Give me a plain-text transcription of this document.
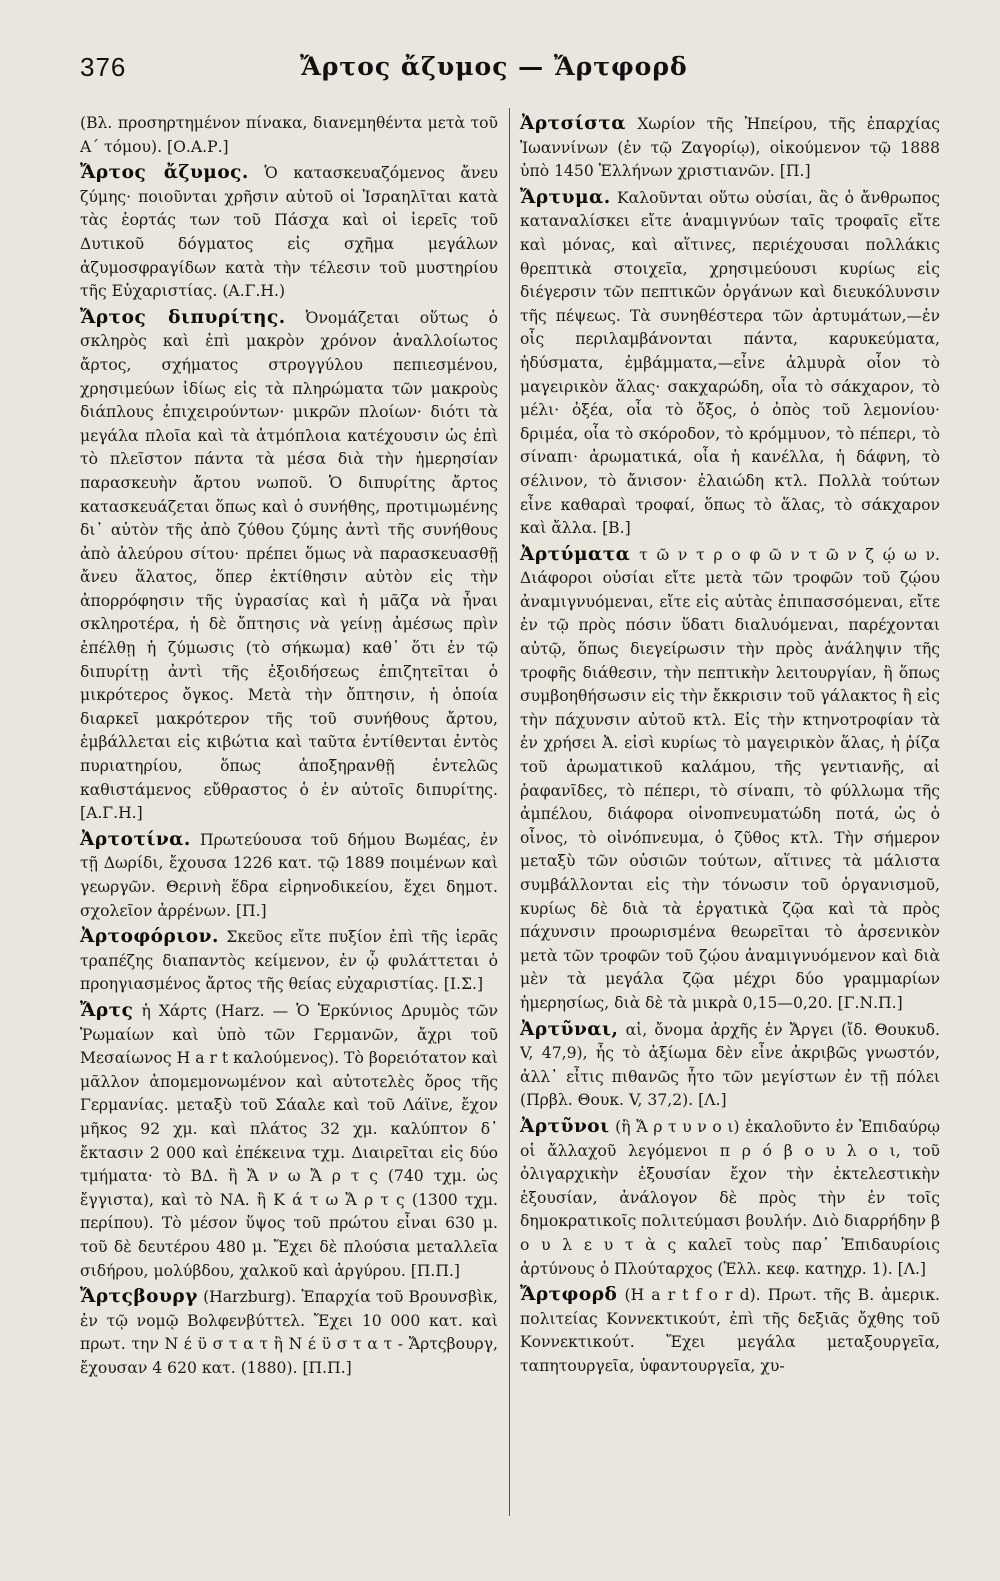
376	Ἄρτος ἄζυμος — Ἄρτφορδ

(Βλ. προσηρτημένον πίνακα, διανεμηθέντα μετὰ τοῦ Α΄ τόμου). [Ο.Α.Ρ.]

Ἄρτος ἄζυμος. Ὁ κατασκευαζόμενος ἄνευ ζύμης· ποιοῦνται χρῆσιν αὐτοῦ οἱ Ἰσραηλῖται κατὰ τὰς ἑορτάς των τοῦ Πάσχα καὶ οἱ ἱερεῖς τοῦ Δυτικοῦ δόγματος εἰς σχῆμα μεγάλων ἀζυμοσφραγίδων κατὰ τὴν τέλεσιν τοῦ μυστηρίου τῆς Εὐχαριστίας. (Α.Γ.Η.)

Ἄρτος διπυρίτης. Ὀνομάζεται οὕτως ὁ σκληρὸς καὶ ἐπὶ μακρὸν χρόνον ἀναλλοίωτος ἄρτος, σχήματος στρογγύλου πεπιεσμένου, χρησιμεύων ἰδίως εἰς τὰ πληρώματα τῶν μακροὺς διάπλους ἐπιχειρούντων· μικρῶν πλοίων· διότι τὰ μεγάλα πλοῖα καὶ τὰ ἀτμόπλοια κατέχουσιν ὡς ἐπὶ τὸ πλεῖστον πάντα τὰ μέσα διὰ τὴν ἡμερησίαν παρασκευὴν ἄρτου νωποῦ. Ὁ διπυρίτης ἄρτος κατασκευάζεται ὅπως καὶ ὁ συνήθης, προτιμωμένης δι᾽ αὐτὸν τῆς ἀπὸ ζύθου ζύμης ἀντὶ τῆς συνήθους ἀπὸ ἀλεύρου σίτου· πρέπει ὅμως νὰ παρασκευασθῇ ἄνευ ἅλατος, ὅπερ ἐκτίθησιν αὐτὸν εἰς τὴν ἀπορρόφησιν τῆς ὑγρασίας καὶ ἡ μᾶζα νὰ ἦναι σκληροτέρα, ἡ δὲ ὄπτησις νὰ γείνῃ ἀμέσως πρὶν ἐπέλθῃ ἡ ζύμωσις (τὸ σήκωμα) καθ᾽ ὅτι ἐν τῷ διπυρίτῃ ἀντὶ τῆς ἐξοιδήσεως ἐπιζητεῖται ὁ μικρότερος ὄγκος. Μετὰ τὴν ὄπτησιν, ἡ ὁποία διαρκεῖ μακρότερον τῆς τοῦ συνήθους ἄρτου, ἐμβάλλεται εἰς κιβώτια καὶ ταῦτα ἐντίθενται ἐντὸς πυριατηρίου, ὅπως ἀποξηρανθῇ ἐντελῶς καθιστάμενος εὔθραστος ὁ ἐν αὐτοῖς διπυρίτης. [Α.Γ.Η.]

Ἀρτοτίνα. Πρωτεύουσα τοῦ δήμου Βωμέας, ἐν τῇ Δωρίδι, ἔχουσα 1226 κατ. τῷ 1889 ποιμένων καὶ γεωργῶν. Θερινὴ ἕδρα εἰρηνοδικείου, ἔχει δημοτ. σχολεῖον ἀρρένων. [Π.]

Ἀρτοφόριον. Σκεῦος εἴτε πυξίον ἐπὶ τῆς ἱερᾶς τραπέζης διαπαντὸς κείμενον, ἐν ᾧ φυλάττεται ὁ προηγιασμένος ἄρτος τῆς θείας εὐχαριστίας. [Ι.Σ.]

Ἄρτς ἡ Χάρτς (Harz. — Ὁ Ἑρκύνιος Δρυμὸς τῶν Ῥωμαίων καὶ ὑπὸ τῶν Γερμανῶν, ἄχρι τοῦ Μεσαίωνος H a r t καλούμενος). Τὸ βορειότατον καὶ μᾶλλον ἀπομεμονωμένον καὶ αὐτοτελὲς ὄρος τῆς Γερμανίας. μεταξὺ τοῦ Σάαλε καὶ τοῦ Λάϊνε, ἔχον μῆκος 92 χμ. καὶ πλάτος 32 χμ. καλύπτον δ᾽ ἔκτασιν 2 000 καὶ ἐπέκεινα τχμ. Διαιρεῖται εἰς δύο τμήματα· τὸ ΒΔ. ἢ Ἄ ν ω Ἄ ρ τ ς (740 τχμ. ὡς ἔγγιστα), καὶ τὸ ΝΑ. ἢ Κ ά τ ω Ἄ ρ τ ς (1300 τχμ. περίπου). Τὸ μέσον ὕψος τοῦ πρώτου εἶναι 630 μ. τοῦ δὲ δευτέρου 480 μ. Ἔχει δὲ πλούσια μεταλλεῖα σιδήρου, μολύβδου, χαλκοῦ καὶ ἀργύρου. [Π.Π.]

Ἄρτςβουργ (Harzburg). Ἐπαρχία τοῦ Βρουνσβὶκ, ἐν τῷ νομῷ Βολφενβύττελ. Ἔχει 10 000 κατ. καὶ πρωτ. την Ν έ ϋ σ τ α τ ἢ Ν έ ϋ σ τ α τ - Ἄρτςβουργ, ἔχουσαν 4 620 κατ. (1880). [Π.Π.]

Ἀρτσίστα Χωρίον τῆς Ἠπείρου, τῆς ἐπαρχίας Ἰωαννίνων (ἐν τῷ Ζαγορίῳ), οἰκούμενον τῷ 1888 ὑπὸ 1450 Ἑλλήνων χριστιανῶν. [Π.]

Ἄρτυμα. Καλοῦνται οὕτω οὐσίαι, ἃς ὁ ἄνθρωπος καταναλίσκει εἴτε ἀναμιγνύων ταῖς τροφαῖς εἴτε καὶ μόνας, καὶ αἵτινες, περιέχουσαι πολλάκις θρεπτικὰ στοιχεῖα, χρησιμεύουσι κυρίως εἰς διέγερσιν τῶν πεπτικῶν ὀργάνων καὶ διευκόλυνσιν τῆς πέψεως. Τὰ συνηθέστερα τῶν ἀρτυμάτων,—ἐν οἷς περιλαμβάνονται πάντα, καρυκεύματα, ἡδύσματα, ἐμβάμματα,—εἶνε ἁλμυρὰ οἷον τὸ μαγειρικὸν ἅλας· σακχαρώδη, οἷα τὸ σάκχαρον, τὸ μέλι· ὀξέα, οἷα τὸ ὄξος, ὁ ὀπὸς τοῦ λεμονίου· δριμέα, οἷα τὸ σκόροδον, τὸ κρόμμυον, τὸ πέπερι, τὸ σίναπι· ἀρωματικά, οἷα ἡ κανέλλα, ἡ δάφνη, τὸ σέλινον, τὸ ἄνισον· ἐλαιώδη κτλ. Πολλὰ τούτων εἶνε καθαραὶ τροφαί, ὅπως τὸ ἅλας, τὸ σάκχαρον καὶ ἄλλα. [Β.]

Ἀρτύματα τ ῶ ν τ ρ ο φ ῶ ν τ ῶ ν ζ ῴ ω ν. Διάφοροι οὐσίαι εἴτε μετὰ τῶν τροφῶν τοῦ ζῴου ἀναμιγνυόμεναι, εἴτε εἰς αὐτὰς ἐπιπασσόμεναι, εἴτε ἐν τῷ πρὸς πόσιν ὕδατι διαλυόμεναι, παρέχονται αὐτῷ, ὅπως διεγείρωσιν τὴν πρὸς ἀνάληψιν τῆς τροφῆς διάθεσιν, τὴν πεπτικὴν λειτουργίαν, ἢ ὅπως συμβοηθήσωσιν εἰς τὴν ἔκκρισιν τοῦ γάλακτος ἢ εἰς τὴν πάχυνσιν αὐτοῦ κτλ. Εἰς τὴν κτηνοτροφίαν τὰ ἐν χρήσει Ἀ. εἰσὶ κυρίως τὸ μαγειρικὸν ἅλας, ἡ ῥίζα τοῦ ἀρωματικοῦ καλάμου, τῆς γεντιανῆς, αἱ ῥαφανῖδες, τὸ πέπερι, τὸ σίναπι, τὸ φύλλωμα τῆς ἀμπέλου, διάφορα οἰνοπνευματώδη ποτά, ὡς ὁ οἶνος, τὸ οἰνόπνευμα, ὁ ζῦθος κτλ. Τὴν σήμερον μεταξὺ τῶν οὐσιῶν τούτων, αἵτινες τὰ μάλιστα συμβάλλονται εἰς τὴν τόνωσιν τοῦ ὀργανισμοῦ, κυρίως δὲ διὰ τὰ ἐργατικὰ ζῷα καὶ τὰ πρὸς πάχυνσιν προωρισμένα θεωρεῖται τὸ ἀρσενικὸν μετὰ τῶν τροφῶν τοῦ ζῴου ἀναμιγνυόμενον καὶ διὰ μὲν τὰ μεγάλα ζῷα μέχρι δύο γραμμαρίων ἡμερησίως, διὰ δὲ τὰ μικρὰ 0,15—0,20. [Γ.Ν.Π.]

Ἀρτῦναι, αἱ, ὄνομα ἀρχῆς ἐν Ἄργει (ἴδ. Θουκυδ. V, 47,9), ἧς τὸ ἀξίωμα δὲν εἶνε ἀκριβῶς γνωστόν, ἀλλ᾽ εἶτις πιθανῶς ἦτο τῶν μεγίστων ἐν τῇ πόλει (Πρβλ. Θουκ. V, 37,2). [Λ.]

Ἀρτῦνοι (ἢ Ἄ ρ τ υ ν ο ι) ἐκαλοῦντο ἐν Ἐπιδαύρῳ οἱ ἄλλαχοῦ λεγόμενοι π ρ ό β ο υ λ ο ι, τοῦ ὀλιγαρχικὴν ἐξουσίαν ἔχον τὴν ἐκτελεστικὴν ἐξουσίαν, ἀνάλογον δὲ πρὸς τὴν ἐν τοῖς δημοκρατικοῖς πολιτεύμασι βουλήν. Διὸ διαρρήδην β ο υ λ ε υ τ ὰ ς καλεῖ τοὺς παρ᾽ Ἐπιδαυρίοις ἀρτύνους ὁ Πλούταρχος (Ἑλλ. κεφ. κατηχρ. 1). [Λ.]

Ἄρτφορδ (H a r t f o r d). Πρωτ. τῆς Β. ἀμερικ. πολιτείας Κοννεκτικούτ, ἐπὶ τῆς δεξιᾶς ὄχθης τοῦ Κοννεκτικούτ. Ἔχει μεγάλα μεταξουργεῖα, ταπητουργεῖα, ὑφαντουργεῖα, χυ-
